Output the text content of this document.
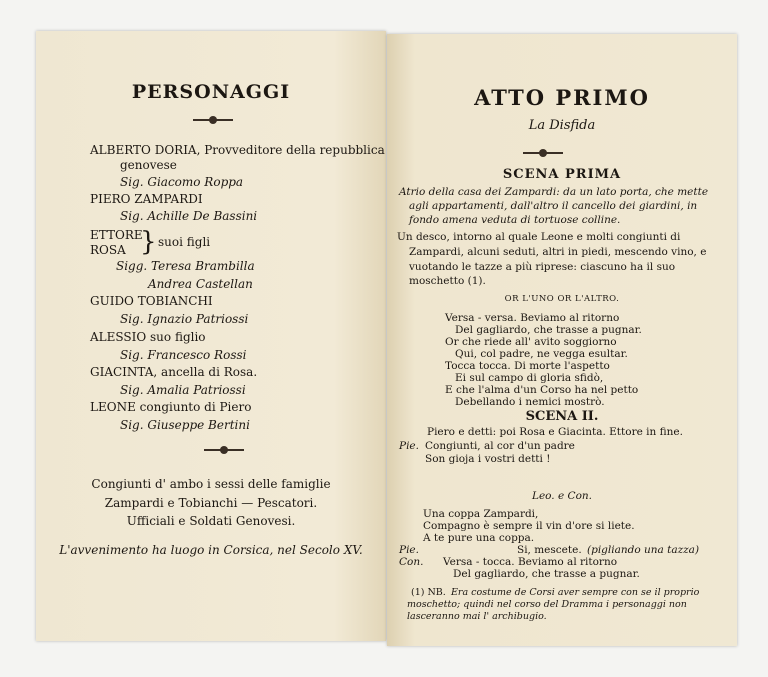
PERSONAGGI
ALBERTO DORIA, Provveditore della repubblica
genovese
Sig. Giacomo Roppa
PIERO ZAMPARDI
Sig. Achille De Bassini
ETTORE
ROSA } suoi figli
Sigg. Teresa Brambilla
Andrea Castellan
GUIDO TOBIANCHI
Sig. Ignazio Patriossi
ALESSIO suo figlio
Sig. Francesco Rossi
GIACINTA, ancella di Rosa.
Sig. Amalia Patriossi
LEONE congiunto di Piero
Sig. Giuseppe Bertini
Congiunti d' ambo i sessi delle famiglie
Zampardi e Tobianchi — Pescatori.
Ufficiali e Soldati Genovesi.
L'avvenimento ha luogo in Corsica, nel Secolo XV.
ATTO PRIMO
La Disfida
SCENA PRIMA
Atrio della casa dei Zampardi: da un lato porta, che mette
agli appartamenti, dall'altro il cancello dei giardini, in
fondo amena veduta di tortuose colline.
Un desco, intorno al quale Leone e molti congiunti di
Zampardi, alcuni seduti, altri in piedi, mescendo vino, e
vuotando le tazze a più riprese: ciascuno ha il suo
moschetto (1).
OR L'UNO OR L'ALTRO.
Versa - versa. Beviamo al ritorno
Del gagliardo, che trasse a pugnar.
Or che riede all' avito soggiorno
Qui, col padre, ne vegga esultar.
Tocca tocca. Di morte l'aspetto
Ei sul campo di gloria sfidò,
E che l'alma d'un Corso ha nel petto
Debellando i nemici mostrò.
SCENA II.
Piero e detti: poi Rosa e Giacinta. Ettore in fine.
Pie. Congiunti, al cor d'un padre
Son gioja i vostri detti !
Leo. e Con.
Una coppa Zampardi,
Compagno è sempre il vin d'ore si liete.
A te pure una coppa.
Pie.	Si, mescete. (pigliando una tazza)
Con. Versa - tocca. Beviamo al ritorno
Del gagliardo, che trasse a pugnar.
(1) NB. Era costume de Corsi aver sempre con se il proprio
moschetto; quindi nel corso del Dramma i personaggi non
lasceranno mai l' archibugio.
